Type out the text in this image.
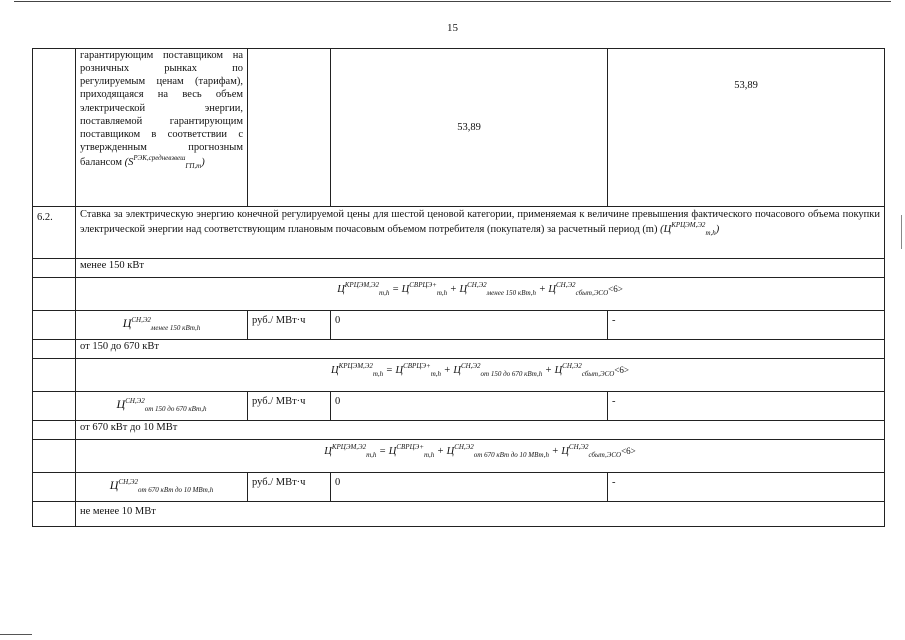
15
	гарантирующим поставщиком на розничных рынках по регулируемым ценам (тарифам), приходящаяся на весь объем электрической энергии, поставляемой гарантирующим поставщиком в соответствии с утвержденным прогнозным балансом $(S^{РЭК,средневзвеш}_{ГП,m})$		53,89	53,89
6.2.	Ставка за электрическую энергию конечной регулируемой цены для шестой ценовой категории, применяемая к величине превышения фактического почасового объема покупки электрической энергии над соответствующим плановым почасовым объемом потребителя (покупателя) за расчетный период (m) $(Ц^{КРЦЭМ,Э2}_{m,h})$			
	менее 150 кВт			
	$Ц^{КРЦЭМ,Э2}_{m,h} = Ц^{СВРЦЭ+}_{m,h} + Ц^{СН,Э2}_{менее 150 кВт,h} + Ц^{СН,Э2}_{сбыт,ЭСО}<6>$			
	$Ц^{СН,Э2}_{менее 150 кВт,h}$	руб./ МВт·ч	0	-
	от 150 до 670 кВт			
	$Ц^{КРЦЭМ,Э2}_{m,h} = Ц^{СВРЦЭ+}_{m,h} + Ц^{СН,Э2}_{от 150 до 670 кВт,h} + Ц^{СН,Э2}_{сбыт,ЭСО}<6>$			
	$Ц^{СН,Э2}_{от 150 до 670 кВт,h}$	руб./ МВт·ч	0	-
	от 670 кВт до 10 МВт			
	$Ц^{КРЦЭМ,Э2}_{m,h} = Ц^{СВРЦЭ+}_{m,h} + Ц^{СН,Э2}_{от 670 кВт до 10 МВт,h} + Ц^{СН,Э2}_{сбыт,ЭСО}<6>$			
	$Ц^{СН,Э2}_{от 670 кВт до 10 МВт,h}$	руб./ МВт·ч	0	-
	не менее 10 МВт			
